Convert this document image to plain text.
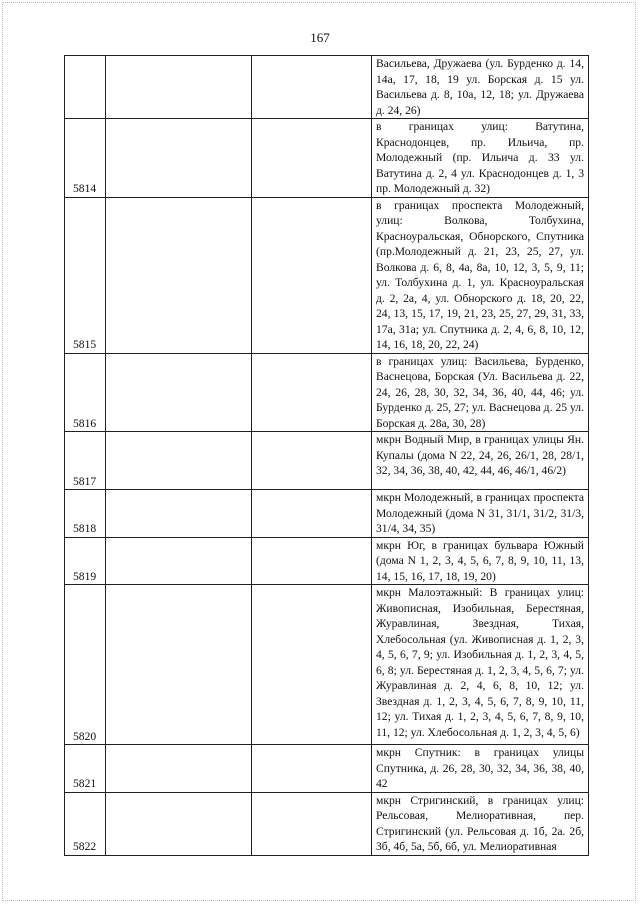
167
			Васильева, Дружаева (ул. Бурденко д. 14, 14а, 17, 18, 19 ул. Борская д. 15 ул. Васильева д. 8, 10а, 12, 18; ул. Дружаева д. 24, 26)
5814			в границах улиц: Ватутина, Краснодонцев, пр. Ильича, пр. Молодежный (пр. Ильича д. 33 ул. Ватутина д. 2, 4 ул. Краснодонцев д. 1, 3 пр. Молодежный д. 32)
5815			в границах проспекта Молодежный, улиц: Волкова, Толбухина, Красноуральская, Обнорского, Спутника (пр.Молодежный д. 21, 23, 25, 27, ул. Волкова д. 6, 8, 4а, 8а, 10, 12, 3, 5, 9, 11; ул. Толбухина д. 1, ул. Красноуральская д. 2, 2а, 4, ул. Обнорского д. 18, 20, 22, 24, 13, 15, 17, 19, 21, 23, 25, 27, 29, 31, 33, 17а, 31а; ул. Спутника д. 2, 4, 6, 8, 10, 12, 14, 16, 18, 20, 22, 24)
5816			в границах улиц: Васильева, Бурденко, Васнецова, Борская (Ул. Васильева д. 22, 24, 26, 28, 30, 32, 34, 36, 40, 44, 46; ул. Бурденко д. 25, 27; ул. Васнецова д. 25 ул. Борская д. 28а, 30, 28)
5817			мкрн Водный Мир, в границах улицы Ян. Купалы (дома N 22, 24, 26, 26/1, 28, 28/1, 32, 34, 36, 38, 40, 42, 44, 46, 46/1, 46/2)
5818			мкрн Молодежный, в границах проспекта Молодежный (дома N 31, 31/1, 31/2, 31/3, 31/4, 34, 35)
5819			мкрн Юг, в границах бульвара Южный (дома N 1, 2, 3, 4, 5, 6, 7, 8, 9, 10, 11, 13, 14, 15, 16, 17, 18, 19, 20)
5820			мкрн Малоэтажный: В границах улиц: Живописная, Изобильная, Берестяная, Журавлиная, Звездная, Тихая, Хлебосольная (ул. Живописная д. 1, 2, 3, 4, 5, 6, 7, 9; ул. Изобильная д. 1, 2, 3, 4, 5, 6, 8; ул. Берестяная д. 1, 2, 3, 4, 5, 6, 7; ул. Журавлиная д. 2, 4, 6, 8, 10, 12; ул. Звездная д. 1, 2, 3, 4, 5, 6, 7, 8, 9, 10, 11, 12; ул. Тихая д. 1, 2, 3, 4, 5, 6, 7, 8, 9, 10, 11, 12; ул. Хлебосольная д. 1, 2, 3, 4, 5, 6)
5821			мкрн Спутник: в границах улицы Спутника, д. 26, 28, 30, 32, 34, 36, 38, 40, 42
5822			мкрн Стригинский, в границах улиц: Рельсовая, Мелиоративная, пер. Стригинский (ул. Рельсовая д. 1б, 2а. 2б, 3б, 4б, 5а, 5б, 6б, ул. Мелиоративная
